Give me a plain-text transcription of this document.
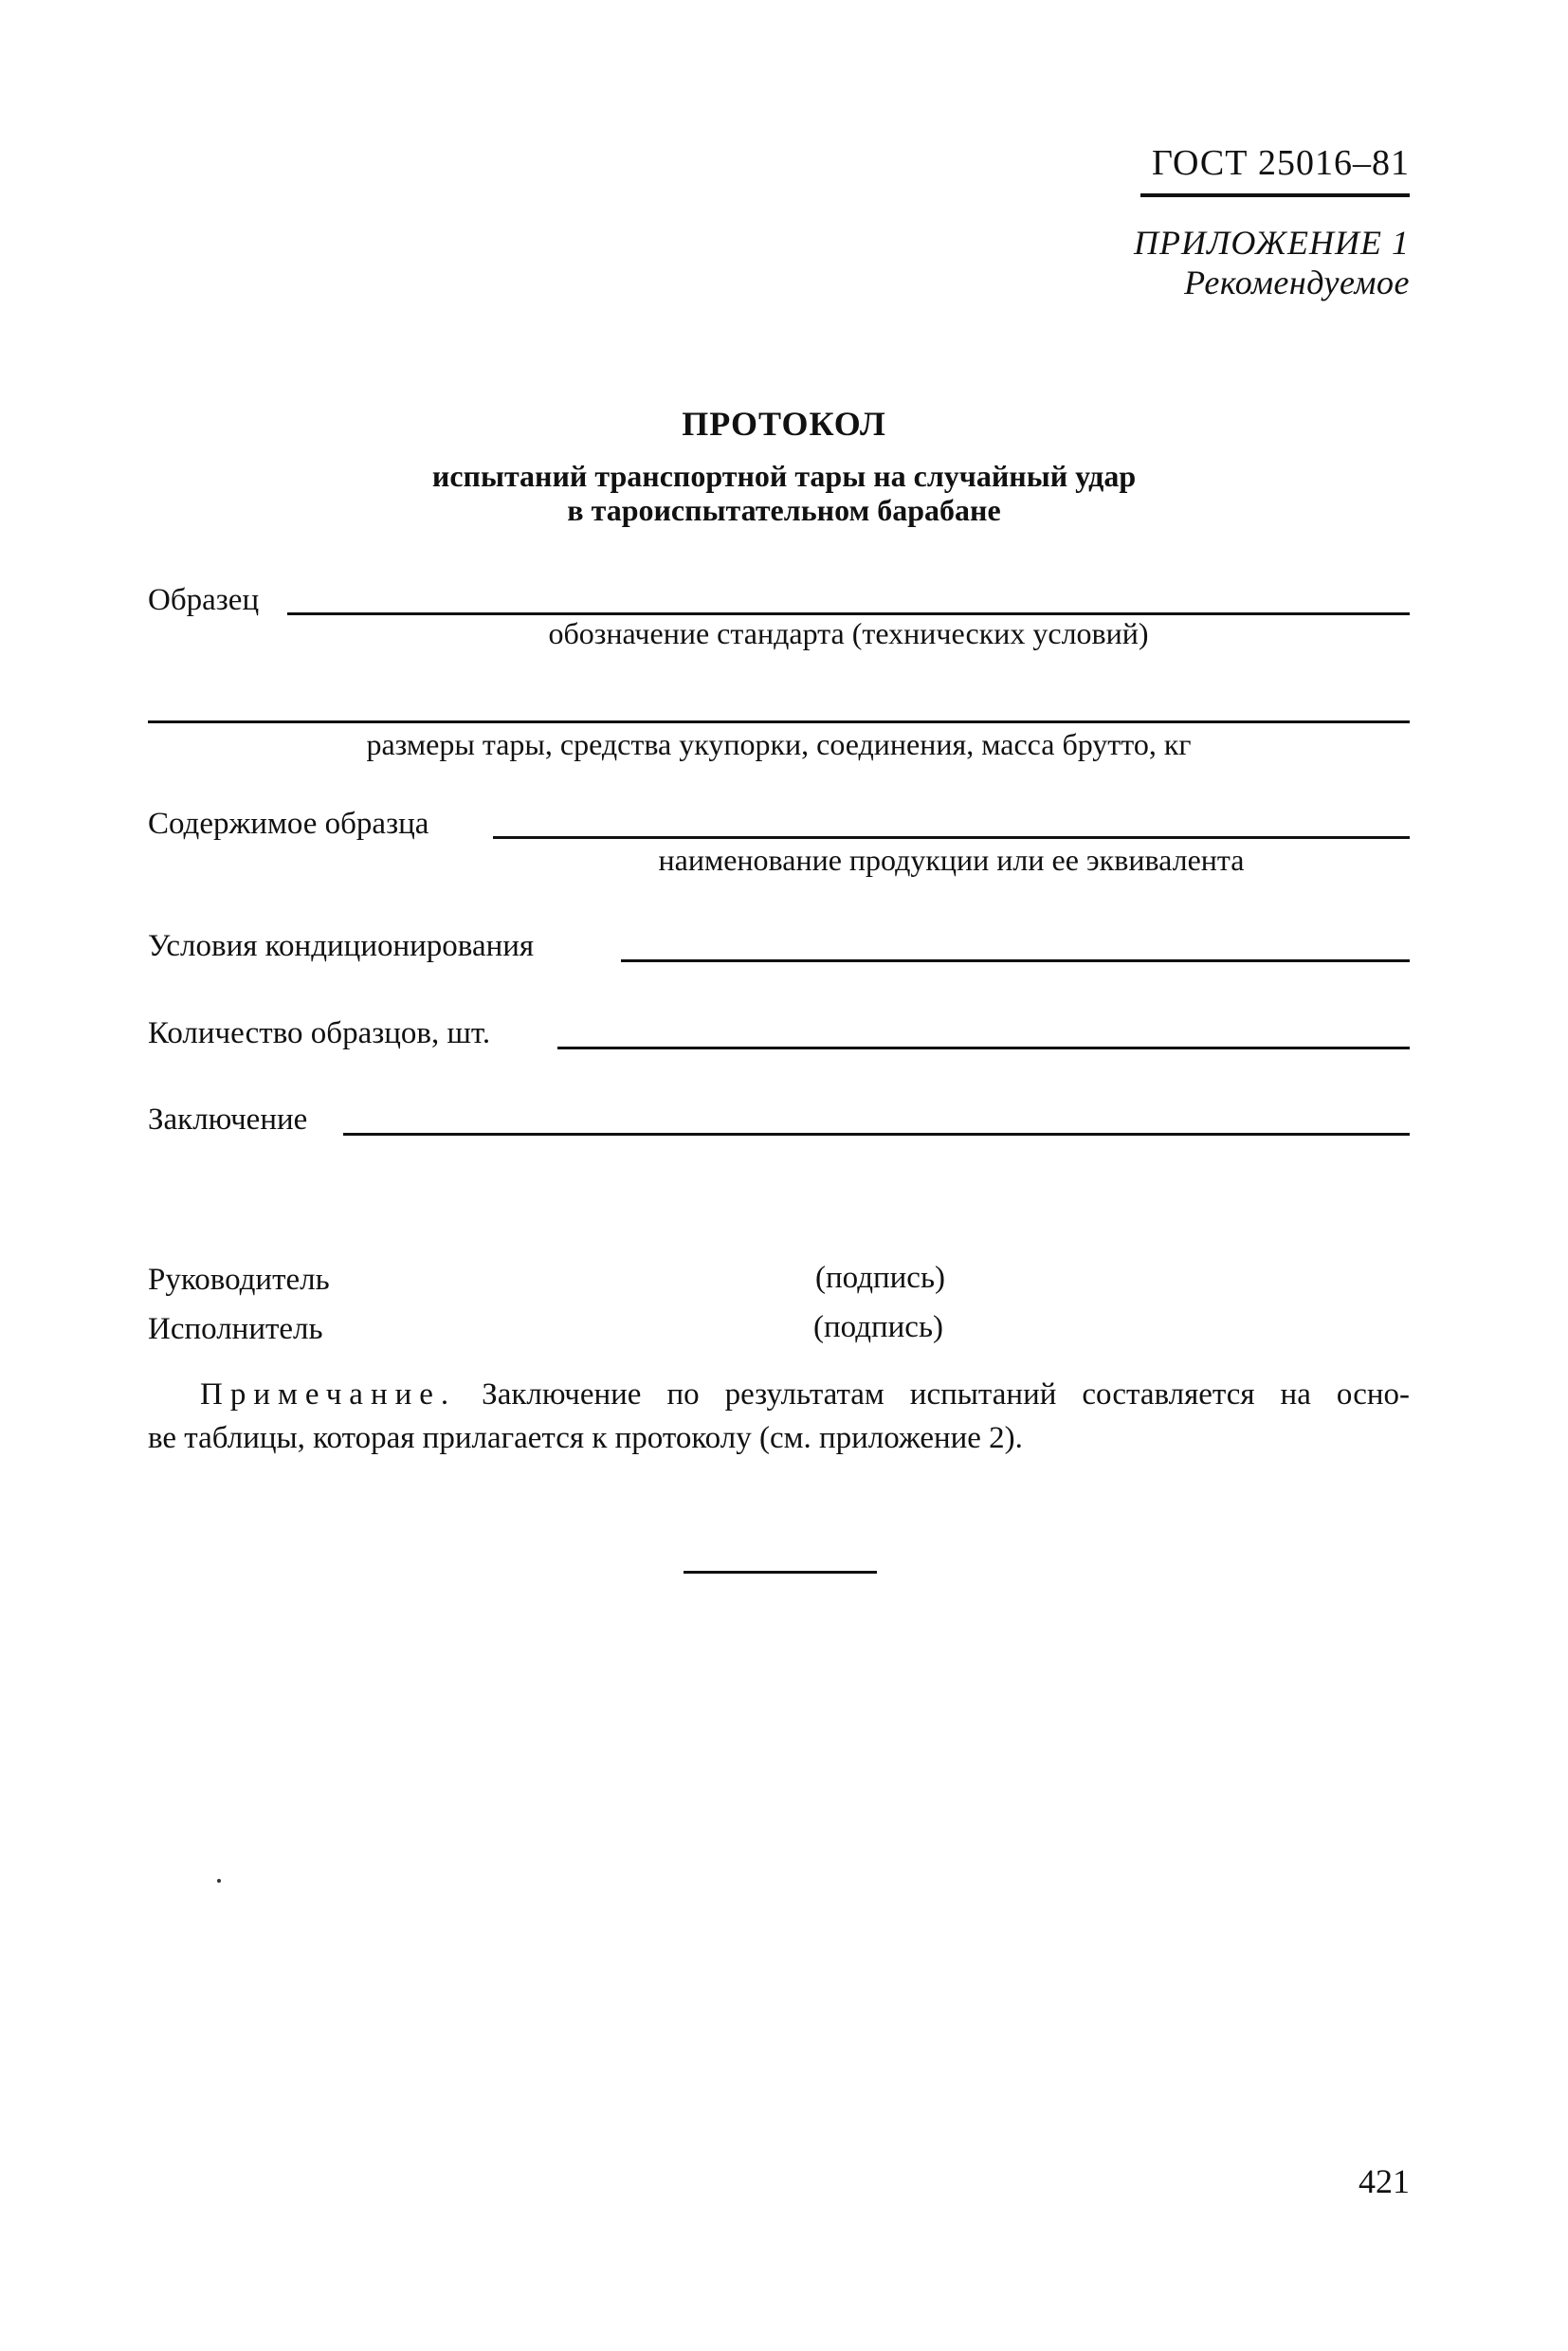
ГОСТ 25016–81
ПРИЛОЖЕНИЕ 1
Рекомендуемое
ПРОТОКОЛ
испытаний транспортной тары на случайный удар
в тароиспытательном барабане
Образец
обозначение стандарта (технических условий)
размеры тары, средства укупорки, соединения, масса брутто, кг
Содержимое образца
наименование продукции или ее эквивалента
Условия кондиционирования
Количество образцов, шт.
Заключение
Руководитель	(подпись)
Исполнитель	(подпись)
Примечание. Заключение по результатам испытаний составляется на осно-
ве таблицы, которая прилагается к протоколу (см. приложение 2).
421
